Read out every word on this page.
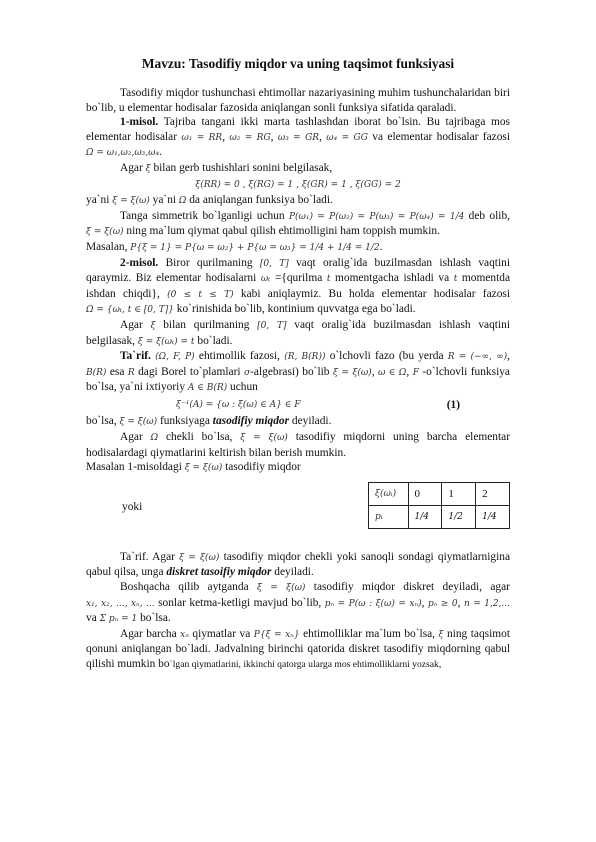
Mavzu: Tasodifiy miqdor va uning taqsimot funksiyasi

Tasodifiy miqdor tushunchasi ehtimollar nazariyasining muhim tushunchalaridan biri bo`lib, u elementar hodisalar fazosida aniqlangan sonli funksiya sifatida qaraladi.

1-misol. Tajriba tangani ikki marta tashlashdan iborat bo`lsin. Bu tajribaga mos elementar hodisalar ω₁ = RR, ω₂ = RG, ω₃ = GR, ω₄ = GG va elementar hodisalar fazosi Ω = ω₁,ω₂,ω₃,ω₄.

Agar ξ bilan gerb tushishlari sonini belgilasak,

ξ(RR) = 0 , ξ(RG) = 1 , ξ(GR) = 1 , ξ(GG) = 2

ya`ni ξ = ξ(ω) ya`ni Ω da aniqlangan funksiya bo`ladi.

Tanga simmetrik bo`lganligi uchun P(ω₁) = P(ω₂) = P(ω₃) = P(ω₄) = 1/4 deb olib, ξ = ξ(ω) ning ma`lum qiymat qabul qilish ehtimolligini ham toppish mumkin.

Masalan, P{ξ = 1} = P{ω = ω₂} + P{ω = ω₃} = 1/4 + 1/4 = 1/2.

2-misol. Biror qurilmaning [0, T] vaqt oralig`ida buzilmasdan ishlash vaqtini qaraymiz. Biz elementar hodisalarni ωₜ ={qurilma t momentgacha ishladi va t momentda ishdan chiqdi}, (0 ≤ t ≤ T) kabi aniqlaymiz. Bu holda elementar hodisalar fazosi Ω = {ωₜ, t ∈ [0, T]} ko`rinishida bo`lib, kontinium quvvatga ega bo`ladi.

Agar ξ bilan qurilmaning [0, T] vaqt oralig`ida buzilmasdan ishlash vaqtini belgilasak, ξ = ξ(ωₜ) = t bo`ladi.

Ta`rif. (Ω, F, P) ehtimollik fazosi, (R, B(R)) o`lchovli fazo (bu yerda R = (−∞, ∞), B(R) esa R dagi Borel to`plamlari σ-algebrasi) bo`lib ξ = ξ(ω), ω ∈ Ω, F -o`lchovli funksiya bo`lsa, ya`ni ixtiyoriy A ∈ B(R) uchun

ξ⁻¹(A) = {ω : ξ(ω) ∈ A} ∈ F	(1)

bo`lsa, ξ = ξ(ω) funksiyaga tasodifiy miqdor deyiladi.

Agar Ω chekli bo`lsa, ξ = ξ(ω) tasodifiy miqdorni uning barcha elementar hodisalardagi qiymatlarini keltirish bilan berish mumkin.

Masalan 1-misoldagi ξ = ξ(ω) tasodifiy miqdor

yoki
ξ(ωᵢ)	0	1	2
pᵢ	1/4	1/2	1/4

Ta`rif. Agar ξ = ξ(ω) tasodifiy miqdor chekli yoki sanoqli sondagi qiymatlarnigina qabul qilsa, unga diskret tasoifiy miqdor deyiladi.

Boshqacha qilib aytganda ξ = ξ(ω) tasodifiy miqdor diskret deyiladi, agar x₁, x₂, ..., xₙ, ... sonlar ketma-ketligi mavjud bo`lib, pₙ = P(ω : ξ(ω) = xₙ), pₙ ≥ 0, n = 1,2,... va Σ pₙ = 1 bo`lsa.

Agar barcha xₙ qiymatlar va P{ξ = xₙ} ehtimolliklar ma`lum bo`lsa, ξ ning taqsimot qonuni aniqlangan bo`ladi. Jadvalning birinchi qatorida diskret tasodifiy miqdorning qabul qilishi mumkin bo`lgan qiymatlarini, ikkinchi qatorga ularga mos ehtimolliklarni yozsak,
